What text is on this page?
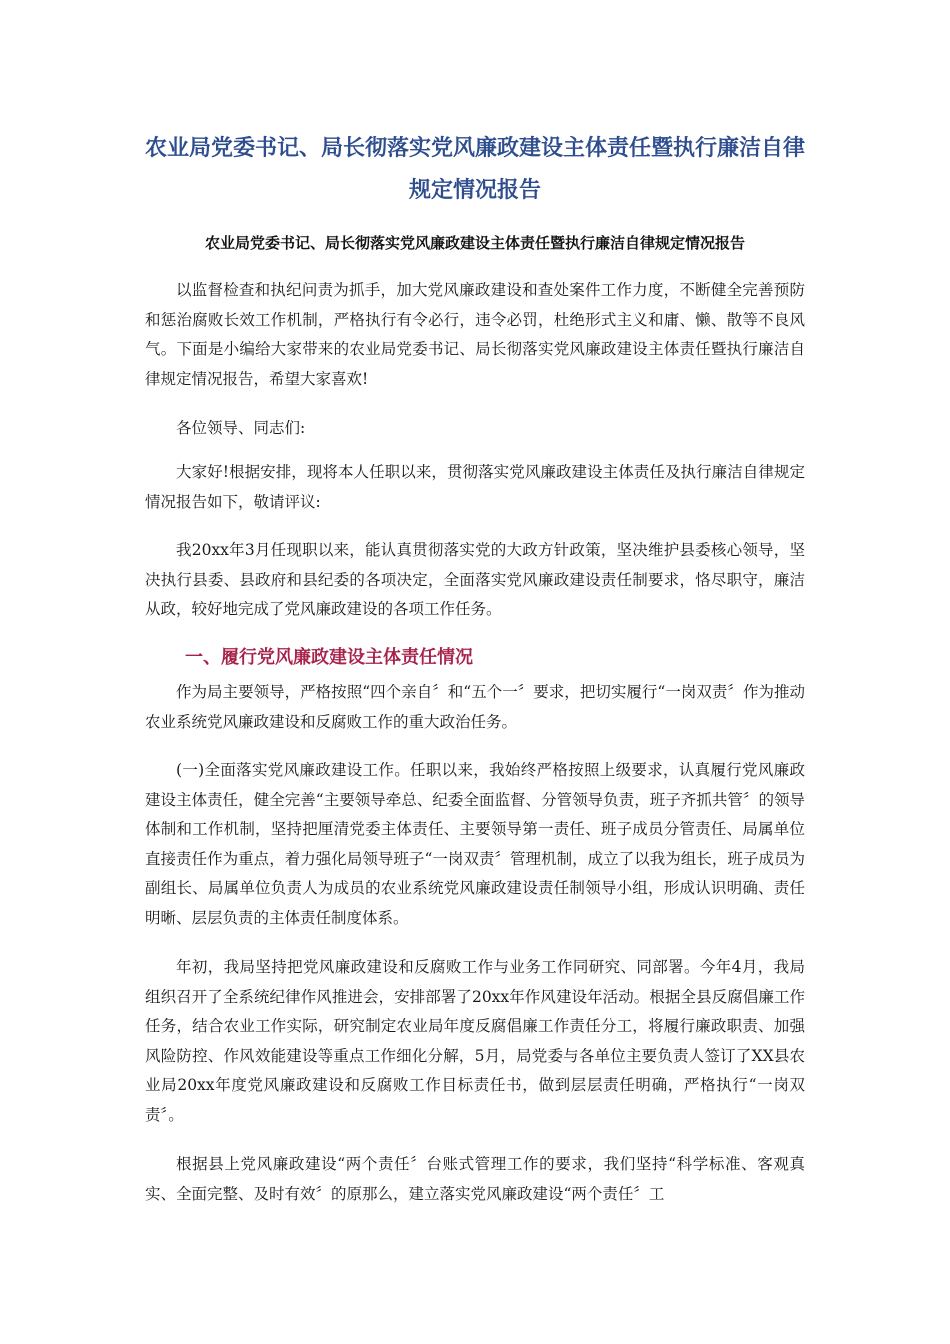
农业局党委书记、局长彻落实党风廉政建设主体责任暨执行廉洁自律规定情况报告
农业局党委书记、局长彻落实党风廉政建设主体责任暨执行廉洁自律规定情况报告

以监督检查和执纪问责为抓手，加大党风廉政建设和查处案件工作力度，不断健全完善预防和惩治腐败长效工作机制，严格执行有令必行，违令必罚，杜绝形式主义和庸、懒、散等不良风气。下面是小编给大家带来的农业局党委书记、局长彻落实党风廉政建设主体责任暨执行廉洁自律规定情况报告，希望大家喜欢!

各位领导、同志们:

大家好!根据安排，现将本人任职以来，贯彻落实党风廉政建设主体责任及执行廉洁自律规定情况报告如下，敬请评议:

我20xx年3月任现职以来，能认真贯彻落实党的大政方针政策，坚决维护县委核心领导，坚决执行县委、县政府和县纪委的各项决定，全面落实党风廉政建设责任制要求，恪尽职守，廉洁从政，较好地完成了党风廉政建设的各项工作任务。

一、履行党风廉政建设主体责任情况

作为局主要领导，严格按照“四个亲自〞和“五个一〞要求，把切实履行“一岗双责〞作为推动农业系统党风廉政建设和反腐败工作的重大政治任务。

(一)全面落实党风廉政建设工作。任职以来，我始终严格按照上级要求，认真履行党风廉政建设主体责任，健全完善“主要领导牵总、纪委全面监督、分管领导负责，班子齐抓共管〞的领导体制和工作机制，坚持把厘清党委主体责任、主要领导第一责任、班子成员分管责任、局属单位直接责任作为重点，着力强化局领导班子“一岗双责〞管理机制，成立了以我为组长，班子成员为副组长、局属单位负责人为成员的农业系统党风廉政建设责任制领导小组，形成认识明确、责任明晰、层层负责的主体责任制度体系。

年初，我局坚持把党风廉政建设和反腐败工作与业务工作同研究、同部署。今年4月，我局组织召开了全系统纪律作风推进会，安排部署了20xx年作风建设年活动。根据全县反腐倡廉工作任务，结合农业工作实际，研究制定农业局年度反腐倡廉工作责任分工，将履行廉政职责、加强风险防控、作风效能建设等重点工作细化分解，5月，局党委与各单位主要负责人签订了XX县农业局20xx年度党风廉政建设和反腐败工作目标责任书，做到层层责任明确，严格执行“一岗双责〞。

根据县上党风廉政建设“两个责任〞台账式管理工作的要求，我们坚持“科学标准、客观真实、全面完整、及时有效〞的原那么，建立落实党风廉政建设“两个责任〞工
